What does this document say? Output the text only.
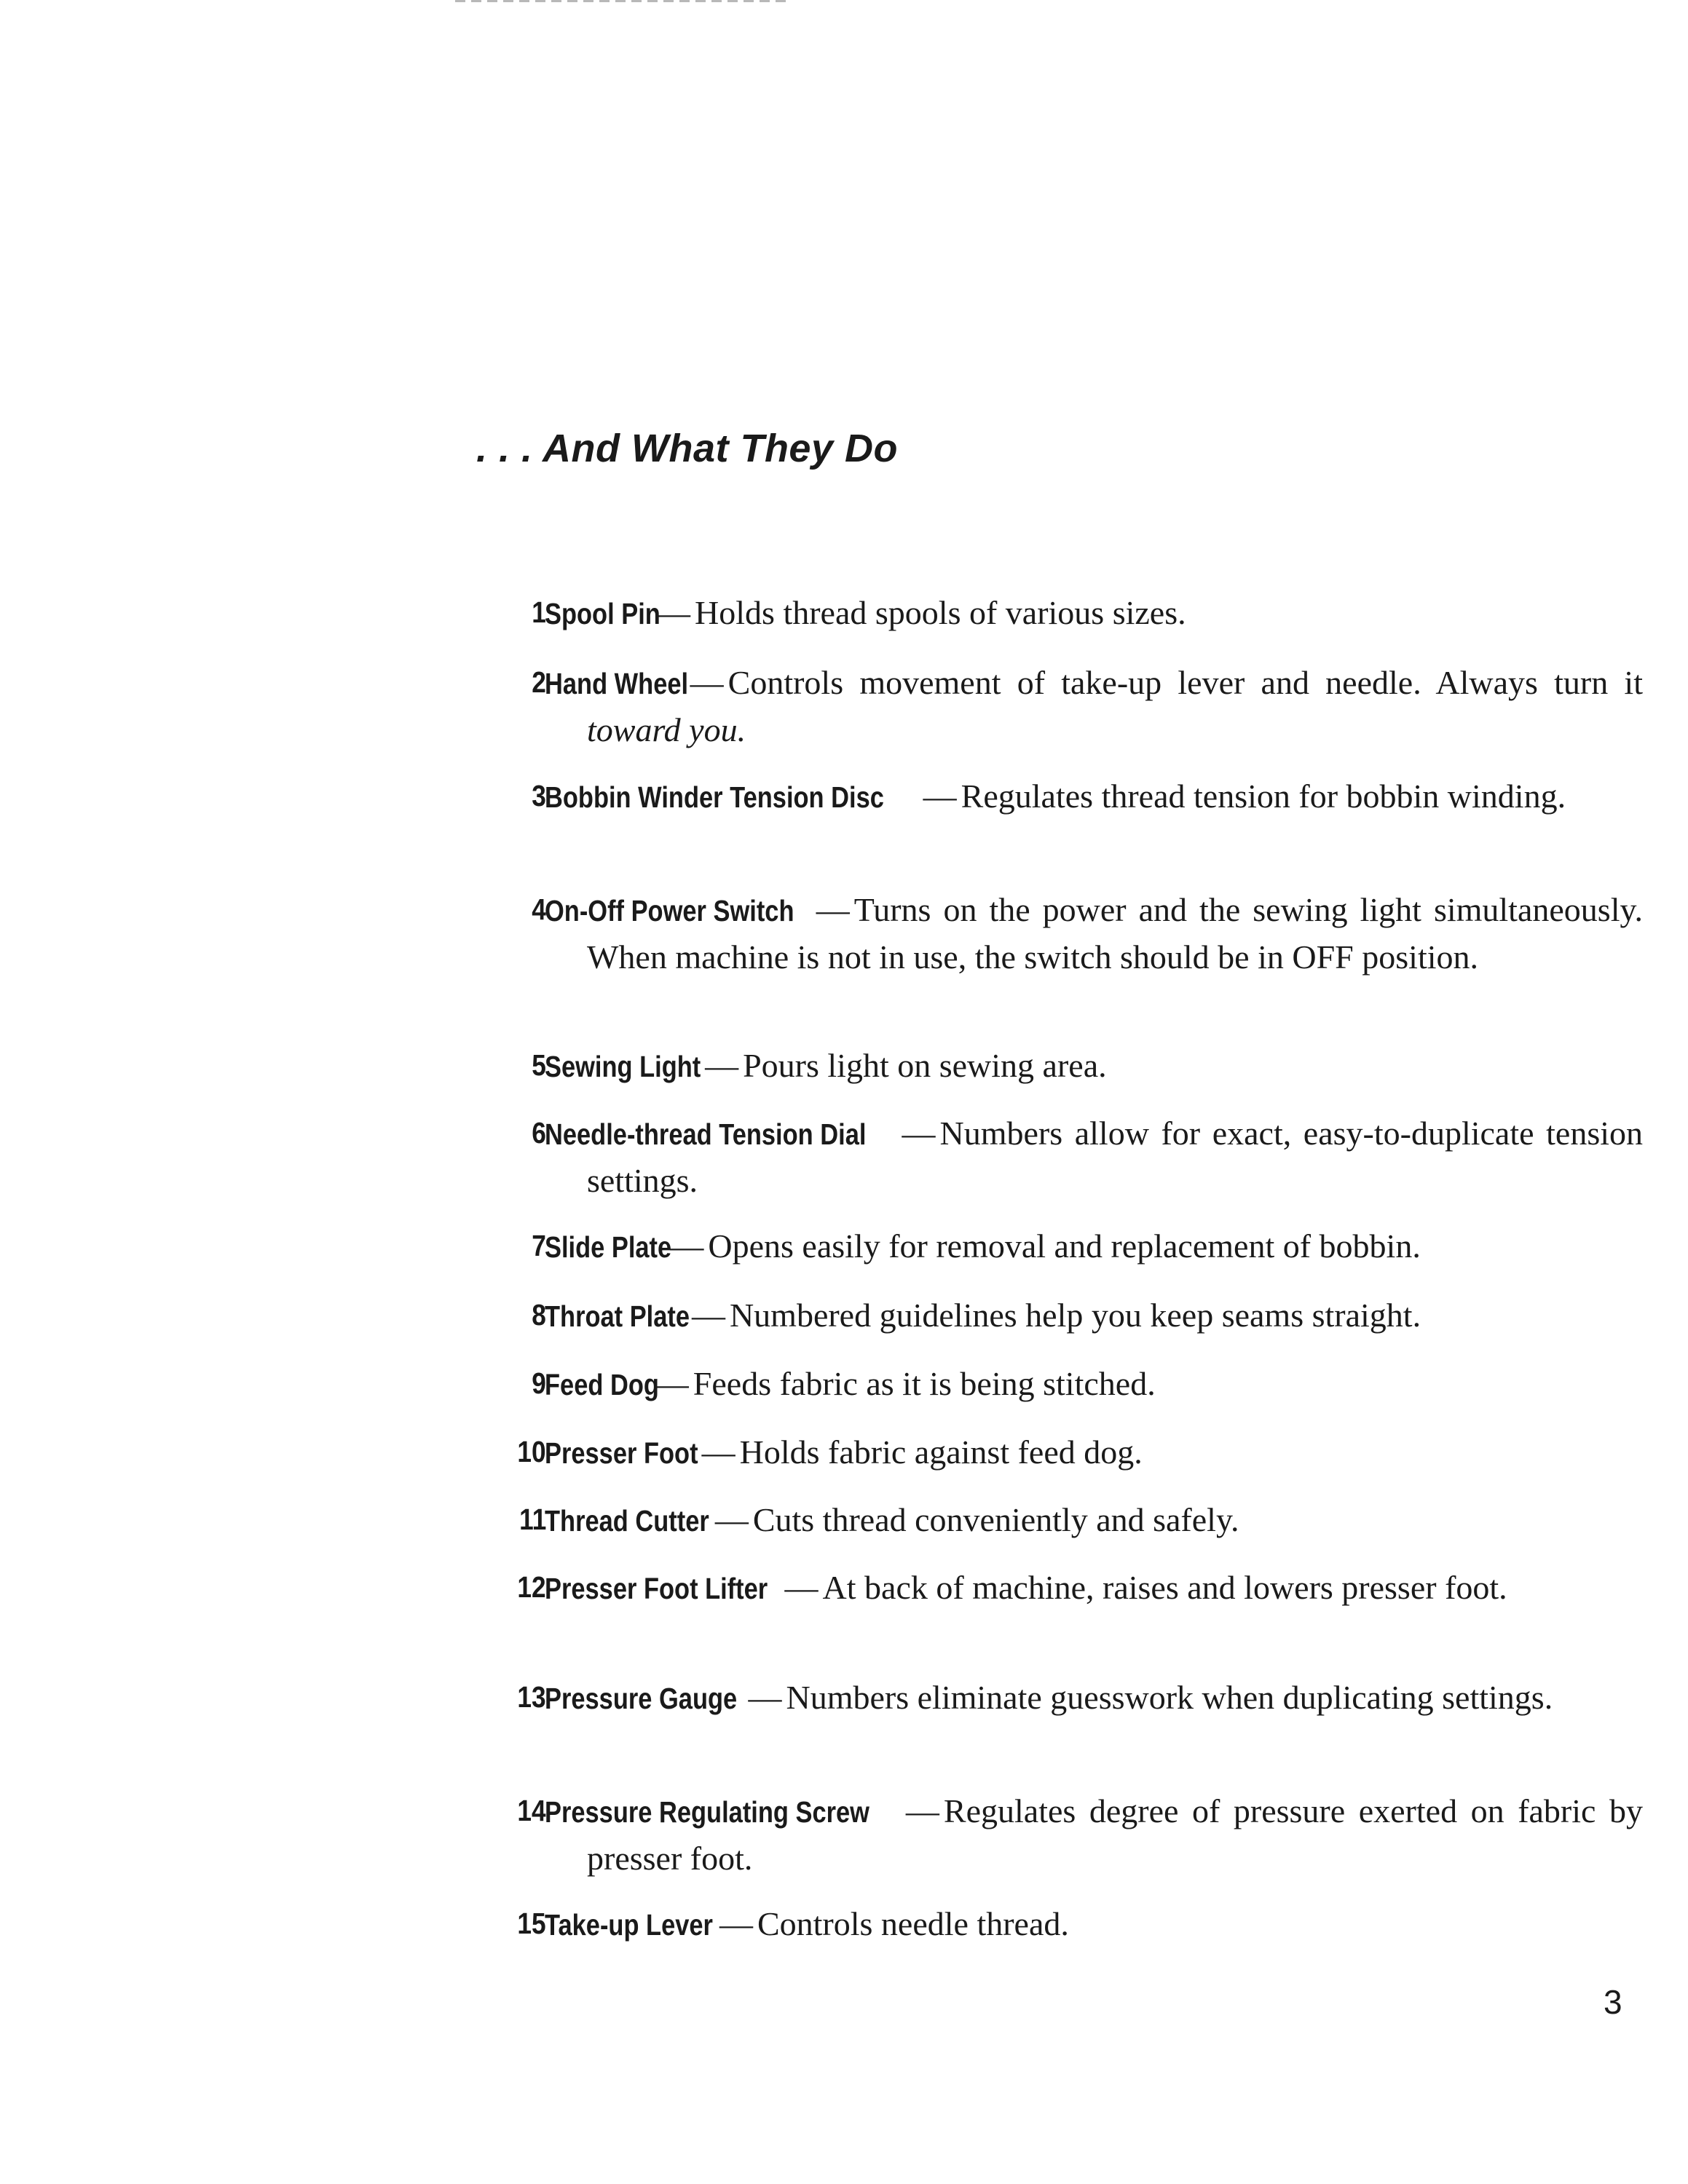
. . . And What They Do
1
Spool Pin— Holds thread spools of various sizes.
2
Hand Wheel— Controls movement of take-up lever and needle. Always turn it toward you.
3
Bobbin Winder Tension Disc — Regulates thread tension for bobbin winding.
4
On-Off Power Switch — Turns on the power and the sewing light simultaneously. When machine is not in use, the switch should be in OFF position.
5
Sewing Light — Pours light on sewing area.
6
Needle-thread Tension Dial — Numbers allow for exact, easy-to-duplicate tension settings.
7
Slide Plate— Opens easily for removal and replacement of bobbin.
8
Throat Plate— Numbered guidelines help you keep seams straight.
9
Feed Dog— Feeds fabric as it is being stitched.
10
Presser Foot — Holds fabric against feed dog.
11
Thread Cutter — Cuts thread conveniently and safely.
12
Presser Foot Lifter — At back of machine, raises and lowers presser foot.
13
Pressure Gauge — Numbers eliminate guesswork when duplicating settings.
14
Pressure Regulating Screw — Regulates degree of pressure exerted on fabric by presser foot.
15
Take-up Lever — Controls needle thread.
3
